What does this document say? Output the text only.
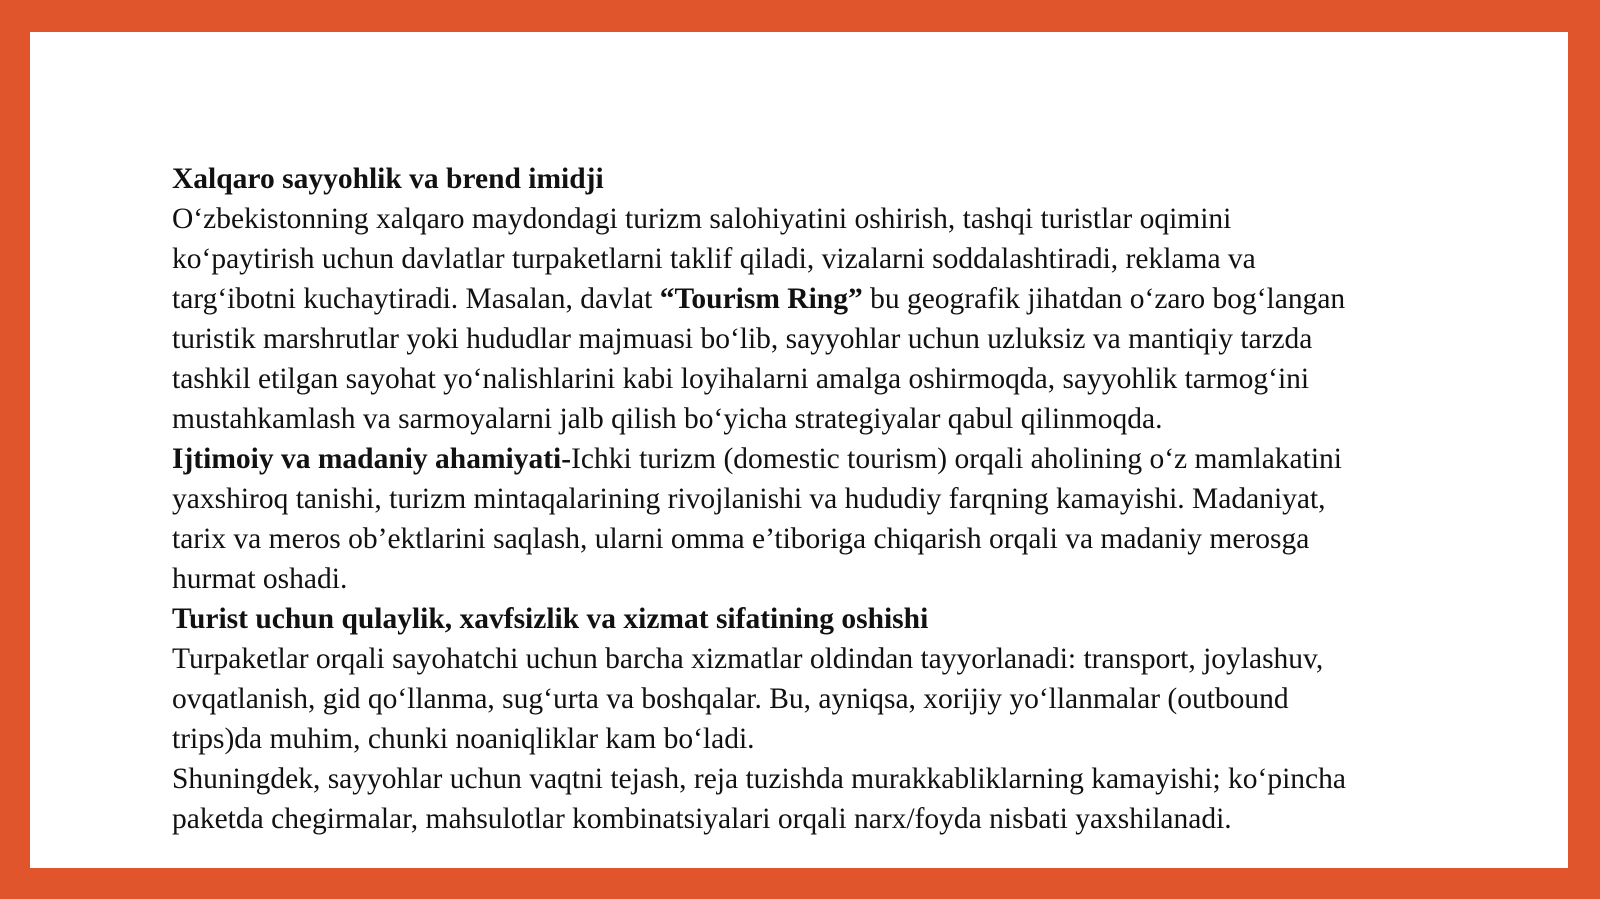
Xalqaro sayyohlik va brend imidji

O‘zbekistonning xalqaro maydondagi turizm salohiyatini oshirish, tashqi turistlar oqimini

ko‘paytirish uchun davlatlar turpaketlarni taklif qiladi, vizalarni soddalashtiradi, reklama va

targ‘ibotni kuchaytiradi. Masalan, davlat “Tourism Ring” bu geografik jihatdan o‘zaro bog‘langan

turistik marshrutlar yoki hududlar majmuasi bo‘lib, sayyohlar uchun uzluksiz va mantiqiy tarzda

tashkil etilgan sayohat yo‘nalishlarini kabi loyihalarni amalga oshirmoqda, sayyohlik tarmog‘ini

mustahkamlash va sarmoyalarni jalb qilish bo‘yicha strategiyalar qabul qilinmoqda.

Ijtimoiy va madaniy ahamiyati-Ichki turizm (domestic tourism) orqali aholining o‘z mamlakatini

yaxshiroq tanishi, turizm mintaqalarining rivojlanishi va hududiy farqning kamayishi. Madaniyat,

tarix va meros ob’ektlarini saqlash, ularni omma e’tiboriga chiqarish orqali va madaniy merosga

hurmat oshadi.

Turist uchun qulaylik, xavfsizlik va xizmat sifatining oshishi

Turpaketlar orqali sayohatchi uchun barcha xizmatlar oldindan tayyorlanadi: transport, joylashuv,

ovqatlanish, gid qo‘llanma, sug‘urta va boshqalar. Bu, ayniqsa, xorijiy yo‘llanmalar (outbound

trips)da muhim, chunki noaniqliklar kam bo‘ladi.

Shuningdek, sayyohlar uchun vaqtni tejash, reja tuzishda murakkabliklarning kamayishi; ko‘pincha

paketda chegirmalar, mahsulotlar kombinatsiyalari orqali narx/foyda nisbati yaxshilanadi.
